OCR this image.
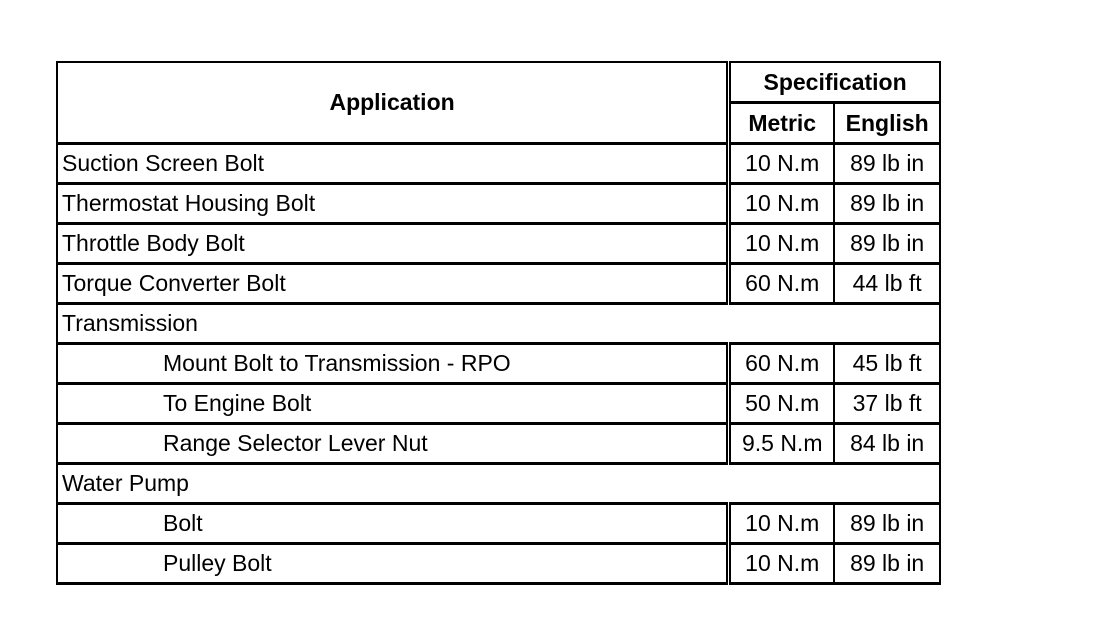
Application	Specification	
	Metric	English
Suction Screen Bolt	10 N.m	89 lb in
Thermostat Housing Bolt	10 N.m	89 lb in
Throttle Body Bolt	10 N.m	89 lb in
Torque Converter Bolt	60 N.m	44 lb ft
Transmission		
Mount Bolt to Transmission - RPO	60 N.m	45 lb ft
To Engine Bolt	50 N.m	37 lb ft
Range Selector Lever Nut	9.5 N.m	84 lb in
Water Pump		
Bolt	10 N.m	89 lb in
Pulley Bolt	10 N.m	89 lb in
